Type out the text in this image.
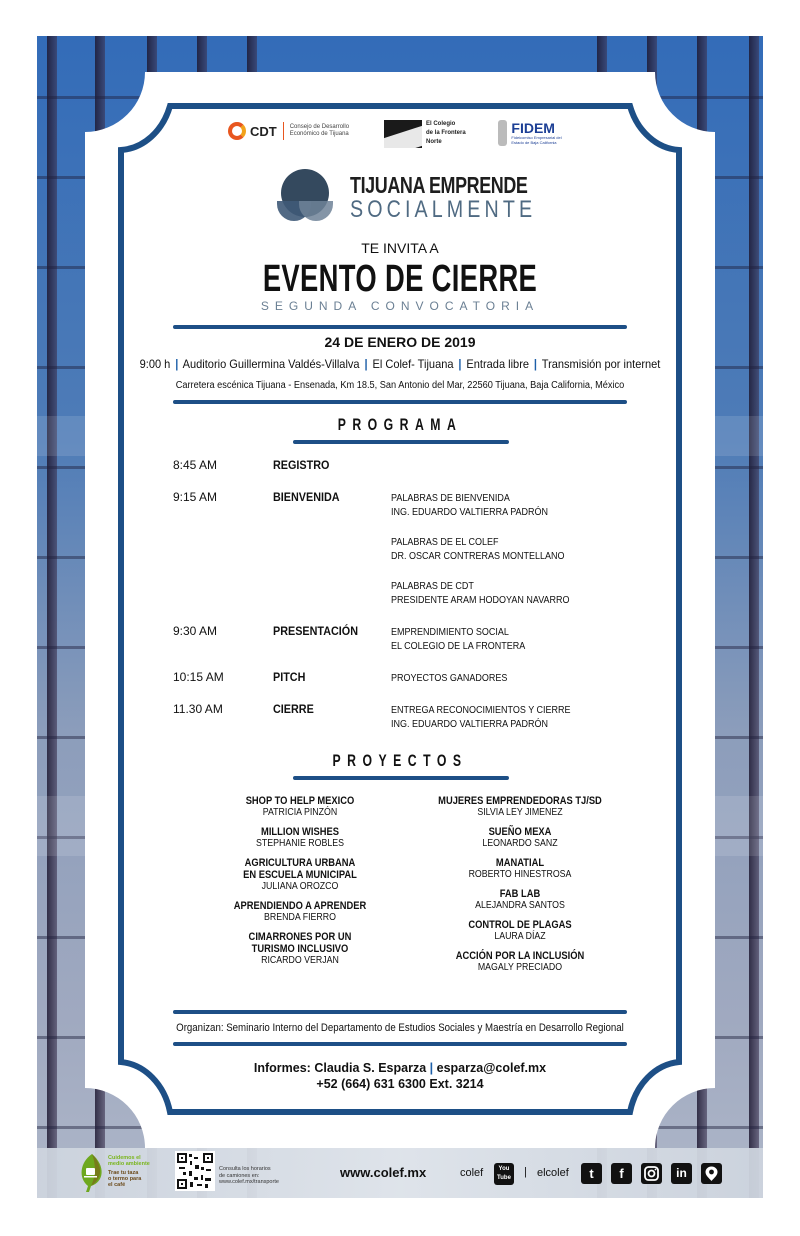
CDT Consejo de Desarrollo
Económico de Tijuana
El Colegio
de la Frontera
Norte
FIDEM
Fideicomiso Empresarial del Estado de Baja California
TIJUANA EMPRENDE
SOCIALMENTE
TE INVITA A
EVENTO DE CIERRE
SEGUNDA CONVOCATORIA
24 DE ENERO DE 2019
9:00 h | Auditorio Guillermina Valdés-Villalva | El Colef- Tijuana | Entrada libre | Transmisión por internet
Carretera escénica Tijuana - Ensenada, Km 18.5, San Antonio del Mar, 22560 Tijuana, Baja California, México
PROGRAMA
8:45 AM	REGISTRO
9:15 AM	BIENVENIDA	PALABRAS DE BIENVENIDA
ING. EDUARDO VALTIERRA PADRÓN
PALABRAS DE EL COLEF
DR. OSCAR CONTRERAS MONTELLANO
PALABRAS DE CDT
PRESIDENTE ARAM HODOYAN NAVARRO
9:30 AM	PRESENTACIÓN	EMPRENDIMIENTO SOCIAL
EL COLEGIO DE LA FRONTERA
10:15 AM	PITCH	PROYECTOS GANADORES
11.30 AM	CIERRE	ENTREGA RECONOCIMIENTOS Y CIERRE
ING. EDUARDO VALTIERRA PADRÓN
PROYECTOS
SHOP TO HELP MEXICO
PATRICIA PINZÓN
MILLION WISHES
STEPHANIE ROBLES
AGRICULTURA URBANA
EN ESCUELA MUNICIPAL
JULIANA OROZCO
APRENDIENDO A APRENDER
BRENDA FIERRO
CIMARRONES POR UN
TURISMO INCLUSIVO
RICARDO VERJAN
MUJERES EMPRENDEDORAS TJ/SD
SILVIA LEY JIMENEZ
SUEÑO MEXA
LEONARDO SANZ
MANATIAL
ROBERTO HINESTROSA
FAB LAB
ALEJANDRA SANTOS
CONTROL DE PLAGAS
LAURA DÍAZ
ACCIÓN POR LA INCLUSIÓN
MAGALY PRECIADO
Organizan: Seminario Interno del Departamento de Estudios Sociales y Maestría en Desarrollo Regional
Informes: Claudia S. Esparza | esparza@colef.mx
+52 (664) 631 6300 Ext. 3214
Cuidemos el
medio ambiente
Trae tu taza
o termo para
el café
Consulta los horarios
de camiones en:
www.colef.mx/transporte
www.colef.mx	colef	You
Tube | elcolef	t	f	in
